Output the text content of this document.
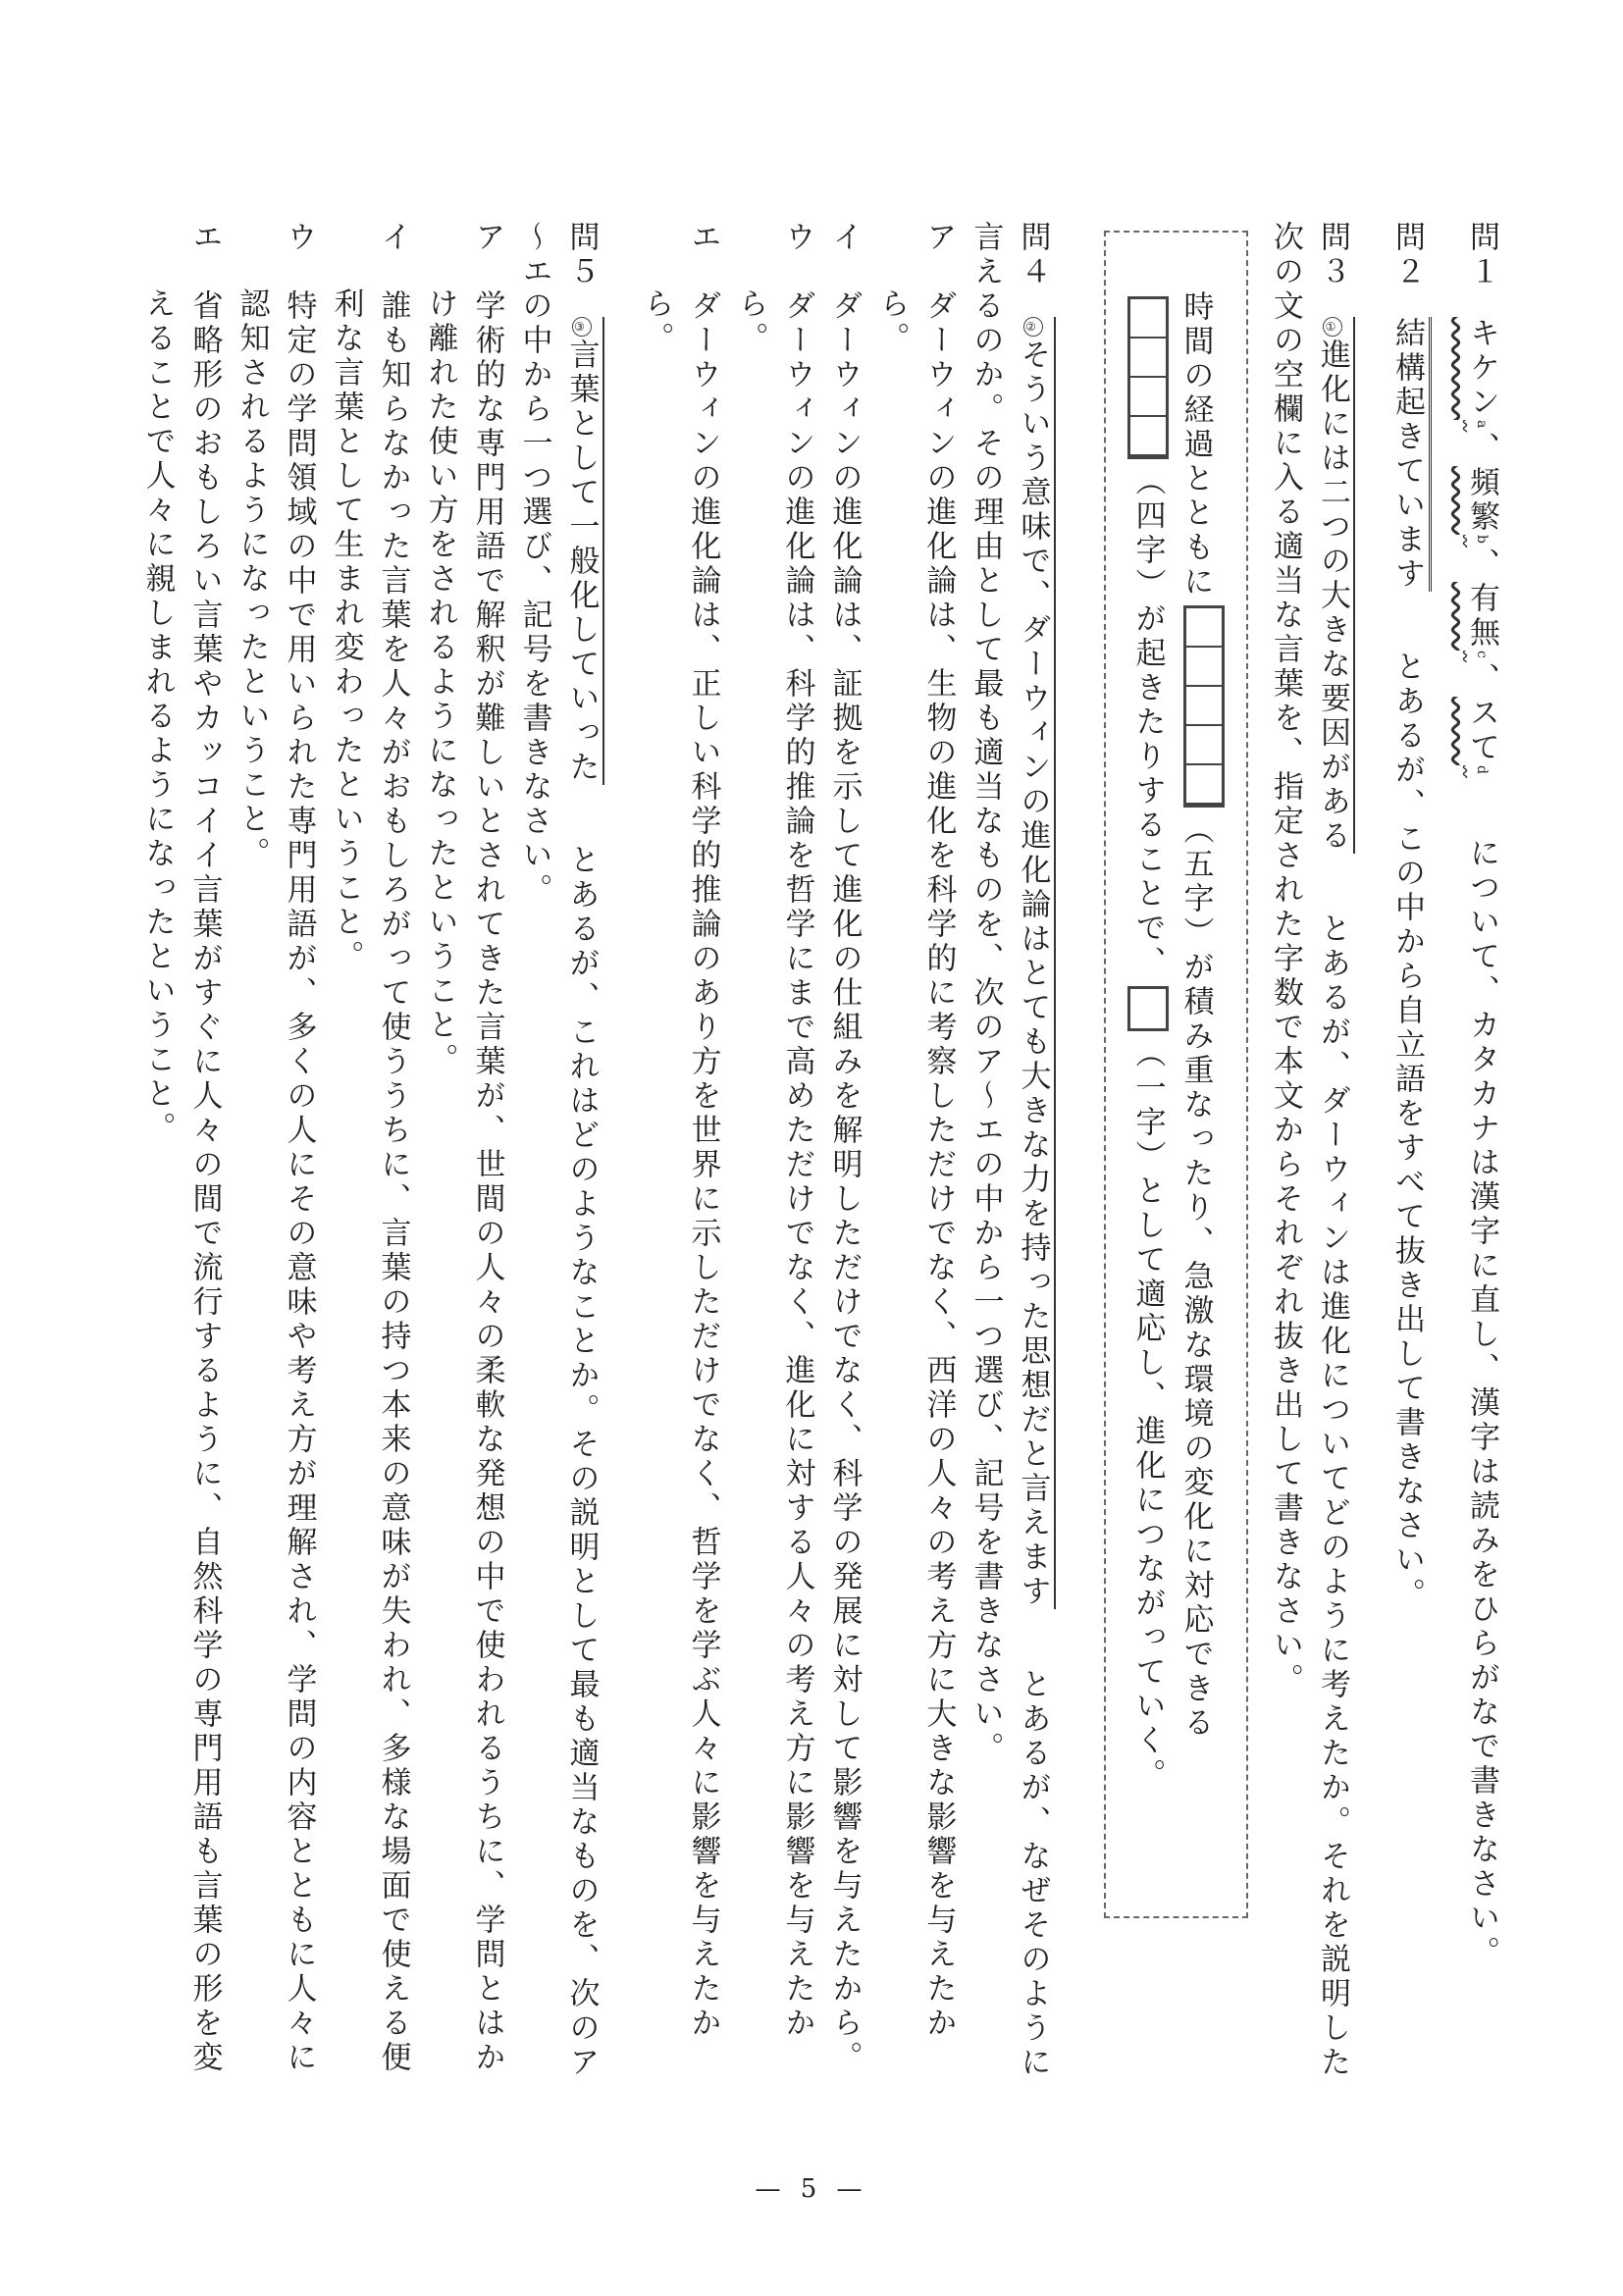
問１キケン$^a$、頻繁$^b$、有無$^c$、スて$^d$について、カタカナは漢字に直し、漢字は読みをひらがなで書きなさい。
問２結構起きていますとあるが、この中から自立語をすべて抜き出して書きなさい。
問３①進化には二つの大きな要因があるとあるが、ダーウィンは進化についてどのように考えたか。それを説明した次の文の空欄に入る適当な言葉を、指定された字数で本文からそれぞれ抜き出して書きなさい。
時間の経過とともに（五字）が積み重なったり、急激な環境の変化に対応できる（四字）が起きたりすることで、（一字）として適応し、進化につながっていく。
問４②そういう意味で、ダーウィンの進化論はとても大きな力を持った思想だと言えますとあるが、なぜそのように言えるのか。その理由として最も適当なものを、次のア～エの中から一つ選び、記号を書きなさい。
ア　ダーウィンの進化論は、生物の進化を科学的に考察しただけでなく、西洋の人々の考え方に大きな影響を与えたから。
イ　ダーウィンの進化論は、証拠を示して進化の仕組みを解明しただけでなく、科学の発展に対して影響を与えたから。
ウ　ダーウィンの進化論は、科学的推論を哲学にまで高めただけでなく、進化に対する人々の考え方に影響を与えたから。
エ　ダーウィンの進化論は、正しい科学的推論のあり方を世界に示しただけでなく、哲学を学ぶ人々に影響を与えたから。
問５③言葉として一般化していったとあるが、これはどのようなことか。その説明として最も適当なものを、次のア～エの中から一つ選び、記号を書きなさい。
ア　学術的な専門用語で解釈が難しいとされてきた言葉が、世間の人々の柔軟な発想の中で使われるうちに、学問とはかけ離れた使い方をされるようになったということ。
イ　誰も知らなかった言葉を人々がおもしろがって使ううちに、言葉の持つ本来の意味が失われ、多様な場面で使える便利な言葉として生まれ変わったということ。
ウ　特定の学問領域の中で用いられた専門用語が、多くの人にその意味や考え方が理解され、学問の内容とともに人々に認知されるようになったということ。
エ　省略形のおもしろい言葉やカッコイイ言葉がすぐに人々の間で流行するように、自然科学の専門用語も言葉の形を変えることで人々に親しまれるようになったということ。
— 5 —
